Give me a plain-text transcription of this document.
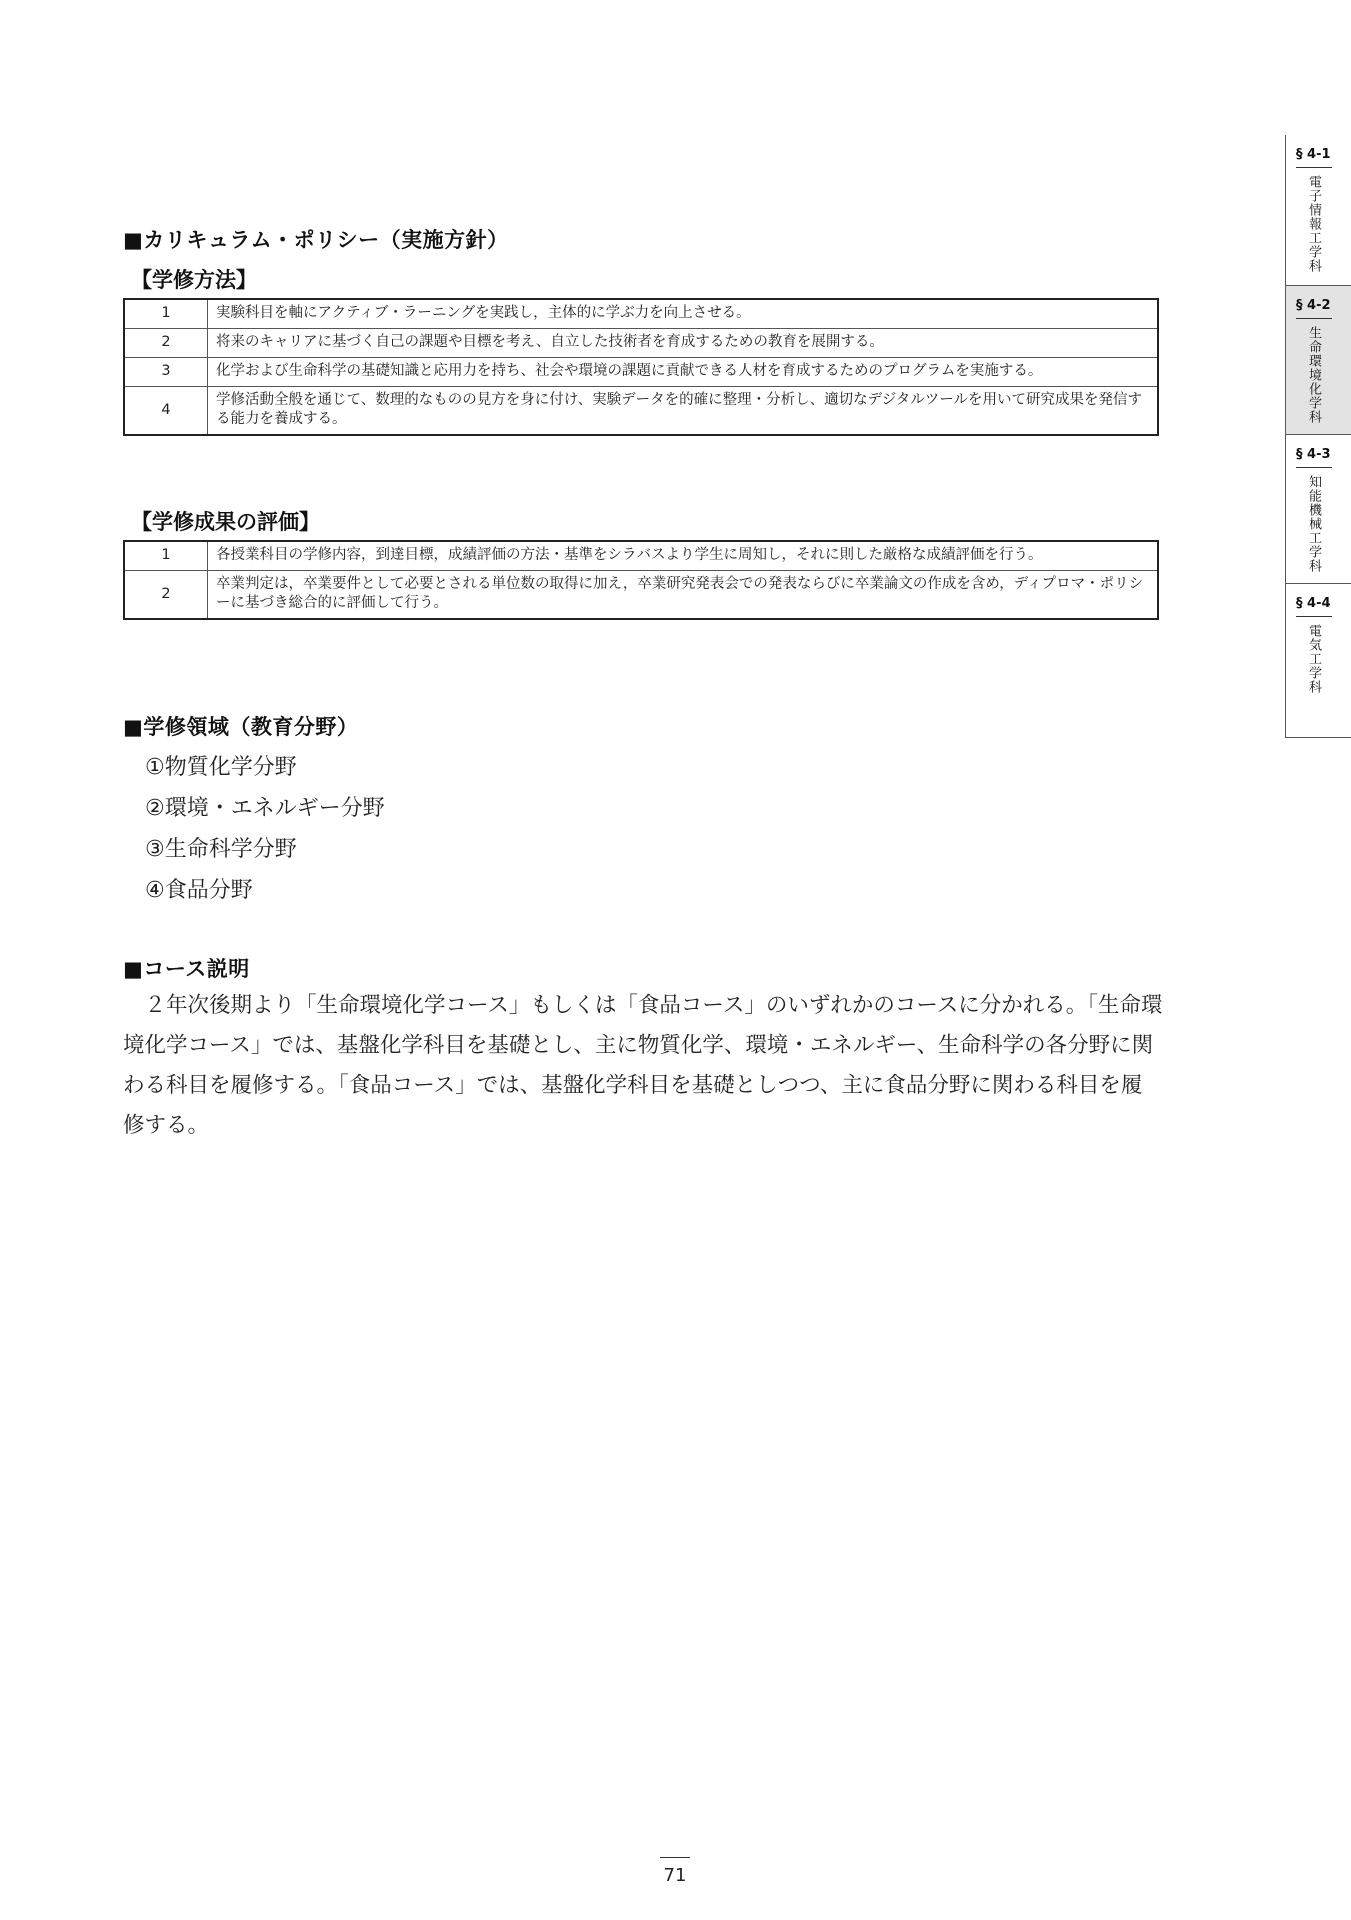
■カリキュラム・ポリシー（実施方針）
【学修方法】
1	実験科目を軸にアクティブ・ラーニングを実践し，主体的に学ぶ力を向上させる。
2	将来のキャリアに基づく自己の課題や目標を考え、自立した技術者を育成するための教育を展開する。
3	化学および生命科学の基礎知識と応用力を持ち、社会や環境の課題に貢献できる人材を育成するためのプログラムを実施する。
4	学修活動全般を通じて、数理的なものの見方を身に付け、実験データを的確に整理・分析し、適切なデジタルツールを用いて研究成果を発信する能力を養成する。
【学修成果の評価】
1	各授業科目の学修内容，到達目標，成績評価の方法・基準をシラバスより学生に周知し，それに則した厳格な成績評価を行う。
2	卒業判定は，卒業要件として必要とされる単位数の取得に加え，卒業研究発表会での発表ならびに卒業論文の作成を含め，ディプロマ・ポリシーに基づき総合的に評価して行う。
■学修領域（教育分野）
①物質化学分野
②環境・エネルギー分野
③生命科学分野
④食品分野
■コース説明

２年次後期より「生命環境化学コース」もしくは「食品コース」のいずれかのコースに分かれる。「生命環境化学コース」では、基盤化学科目を基礎とし、主に物質化学、環境・エネルギー、生命科学の各分野に関わる科目を履修する。「食品コース」では、基盤化学科目を基礎としつつ、主に食品分野に関わる科目を履修する。

§ 4-1
電子情報工学科
§ 4-2
生命環境化学科
§ 4-3
知能機械工学科
§ 4-4
電気工学科
71
